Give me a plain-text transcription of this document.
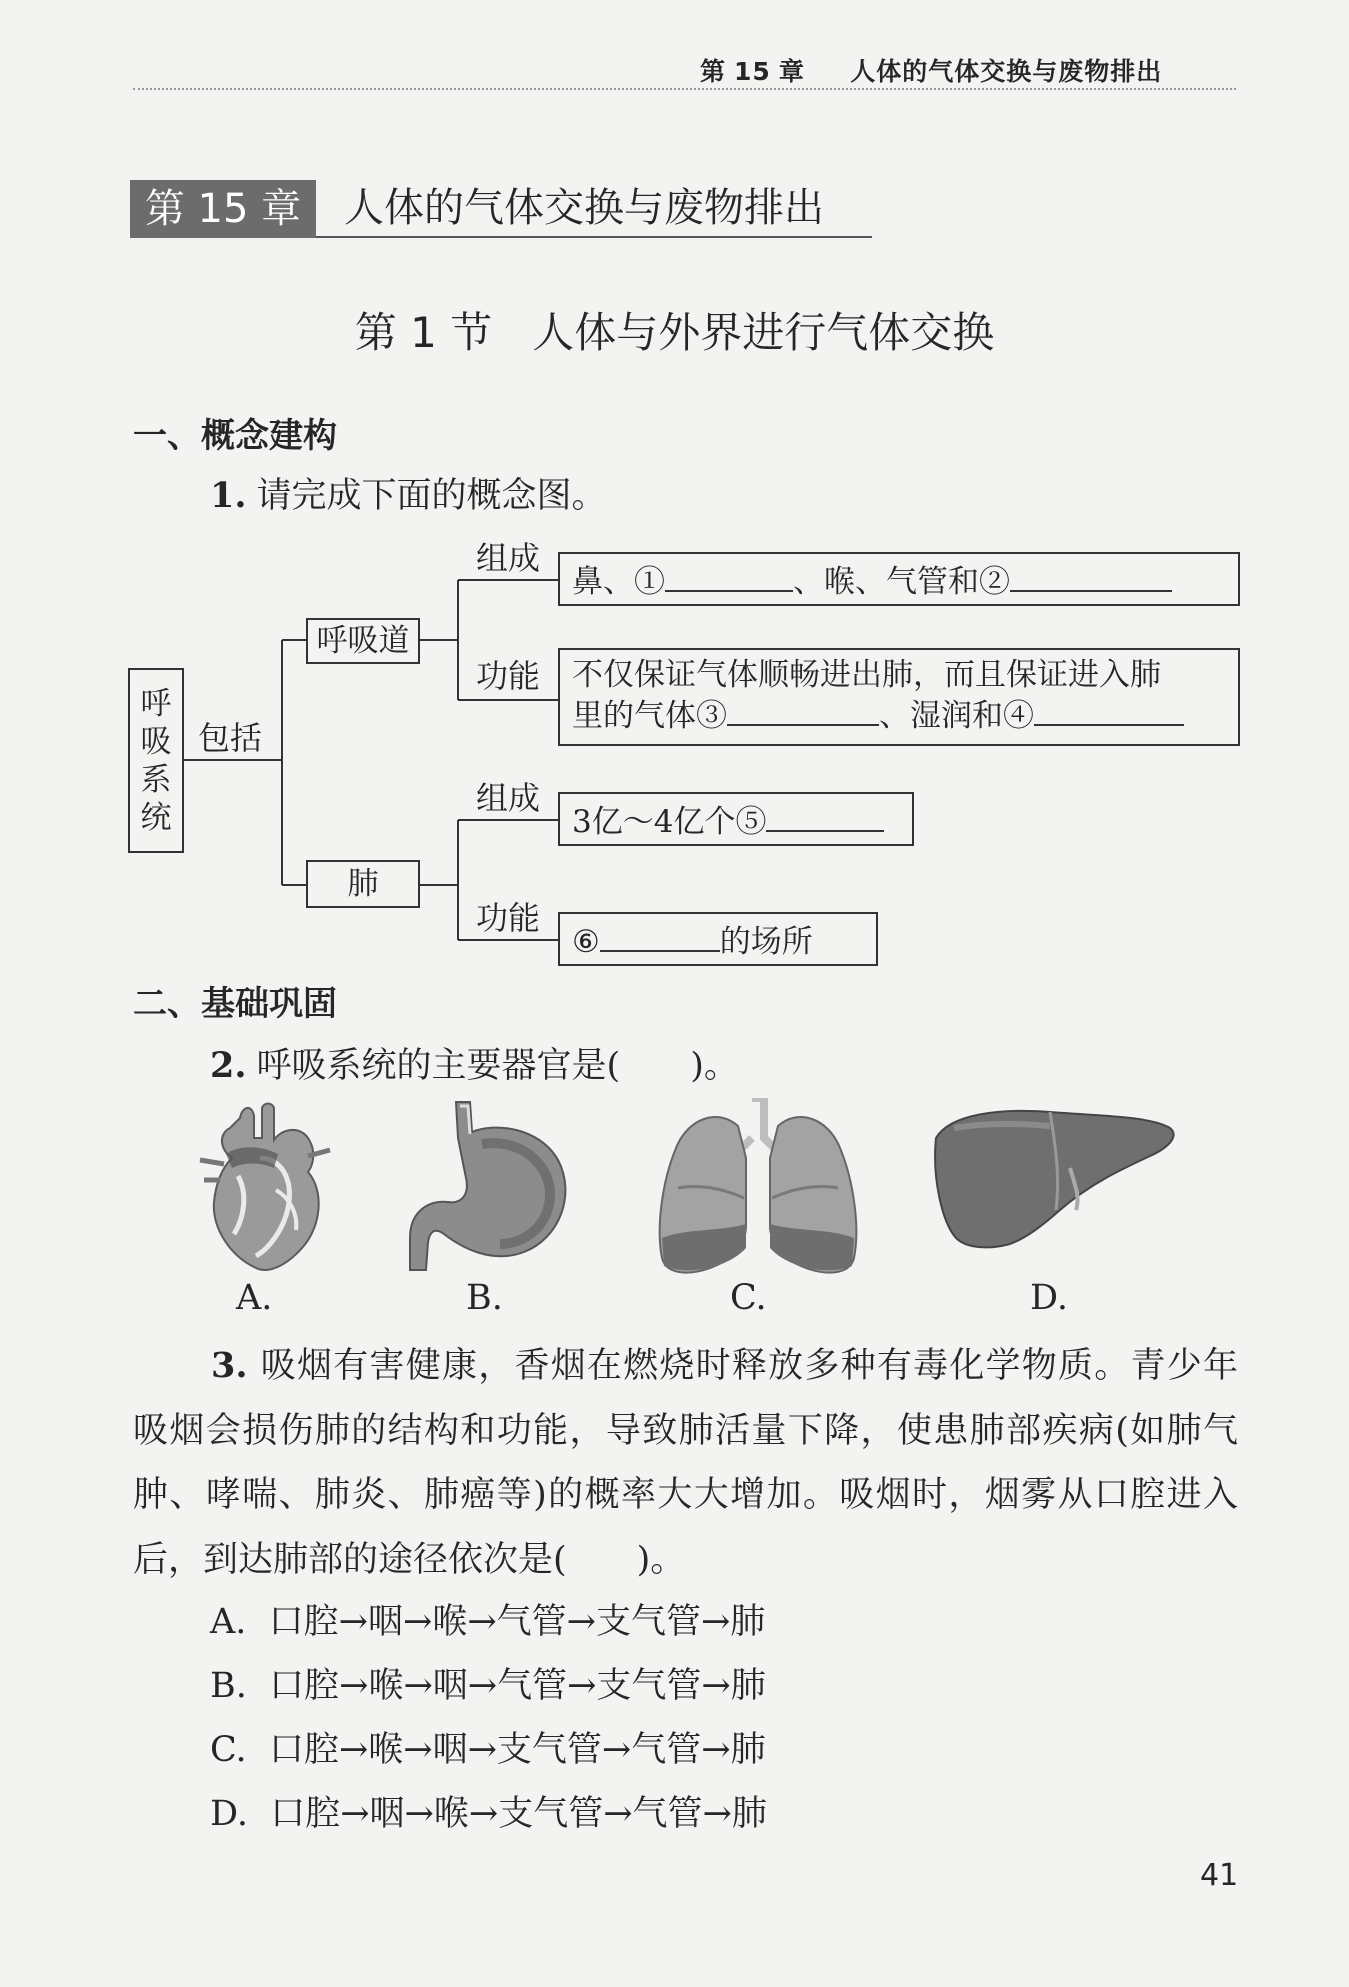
第 15 章 人体的气体交换与废物排出
第 15 章	人体的气体交换与废物排出
第 1 节 人体与外界进行气体交换
一、概念建构
1. 请完成下面的概念图。
呼
吸
系
统
包括
呼吸道
肺
组成
功能
组成
功能
鼻、①	、喉、气管和②
不仅保证气体顺畅进出肺，而且保证进入肺
里的气体③	、湿润和④
3亿～4亿个⑤
⑥	的场所
二、基础巩固
2. 呼吸系统的主要器官是(　　)。
A.	B.	C.	D.
3. 吸烟有害健康，香烟在燃烧时释放多种有毒化学物质。青少年吸烟会损伤肺的结构和功能，导致肺活量下降，使患肺部疾病(如肺气肿、哮喘、肺炎、肺癌等)的概率大大增加。吸烟时，烟雾从口腔进入后，到达肺部的途径依次是(　　)。
A. 口腔→咽→喉→气管→支气管→肺
B. 口腔→喉→咽→气管→支气管→肺
C. 口腔→喉→咽→支气管→气管→肺
D. 口腔→咽→喉→支气管→气管→肺
41
